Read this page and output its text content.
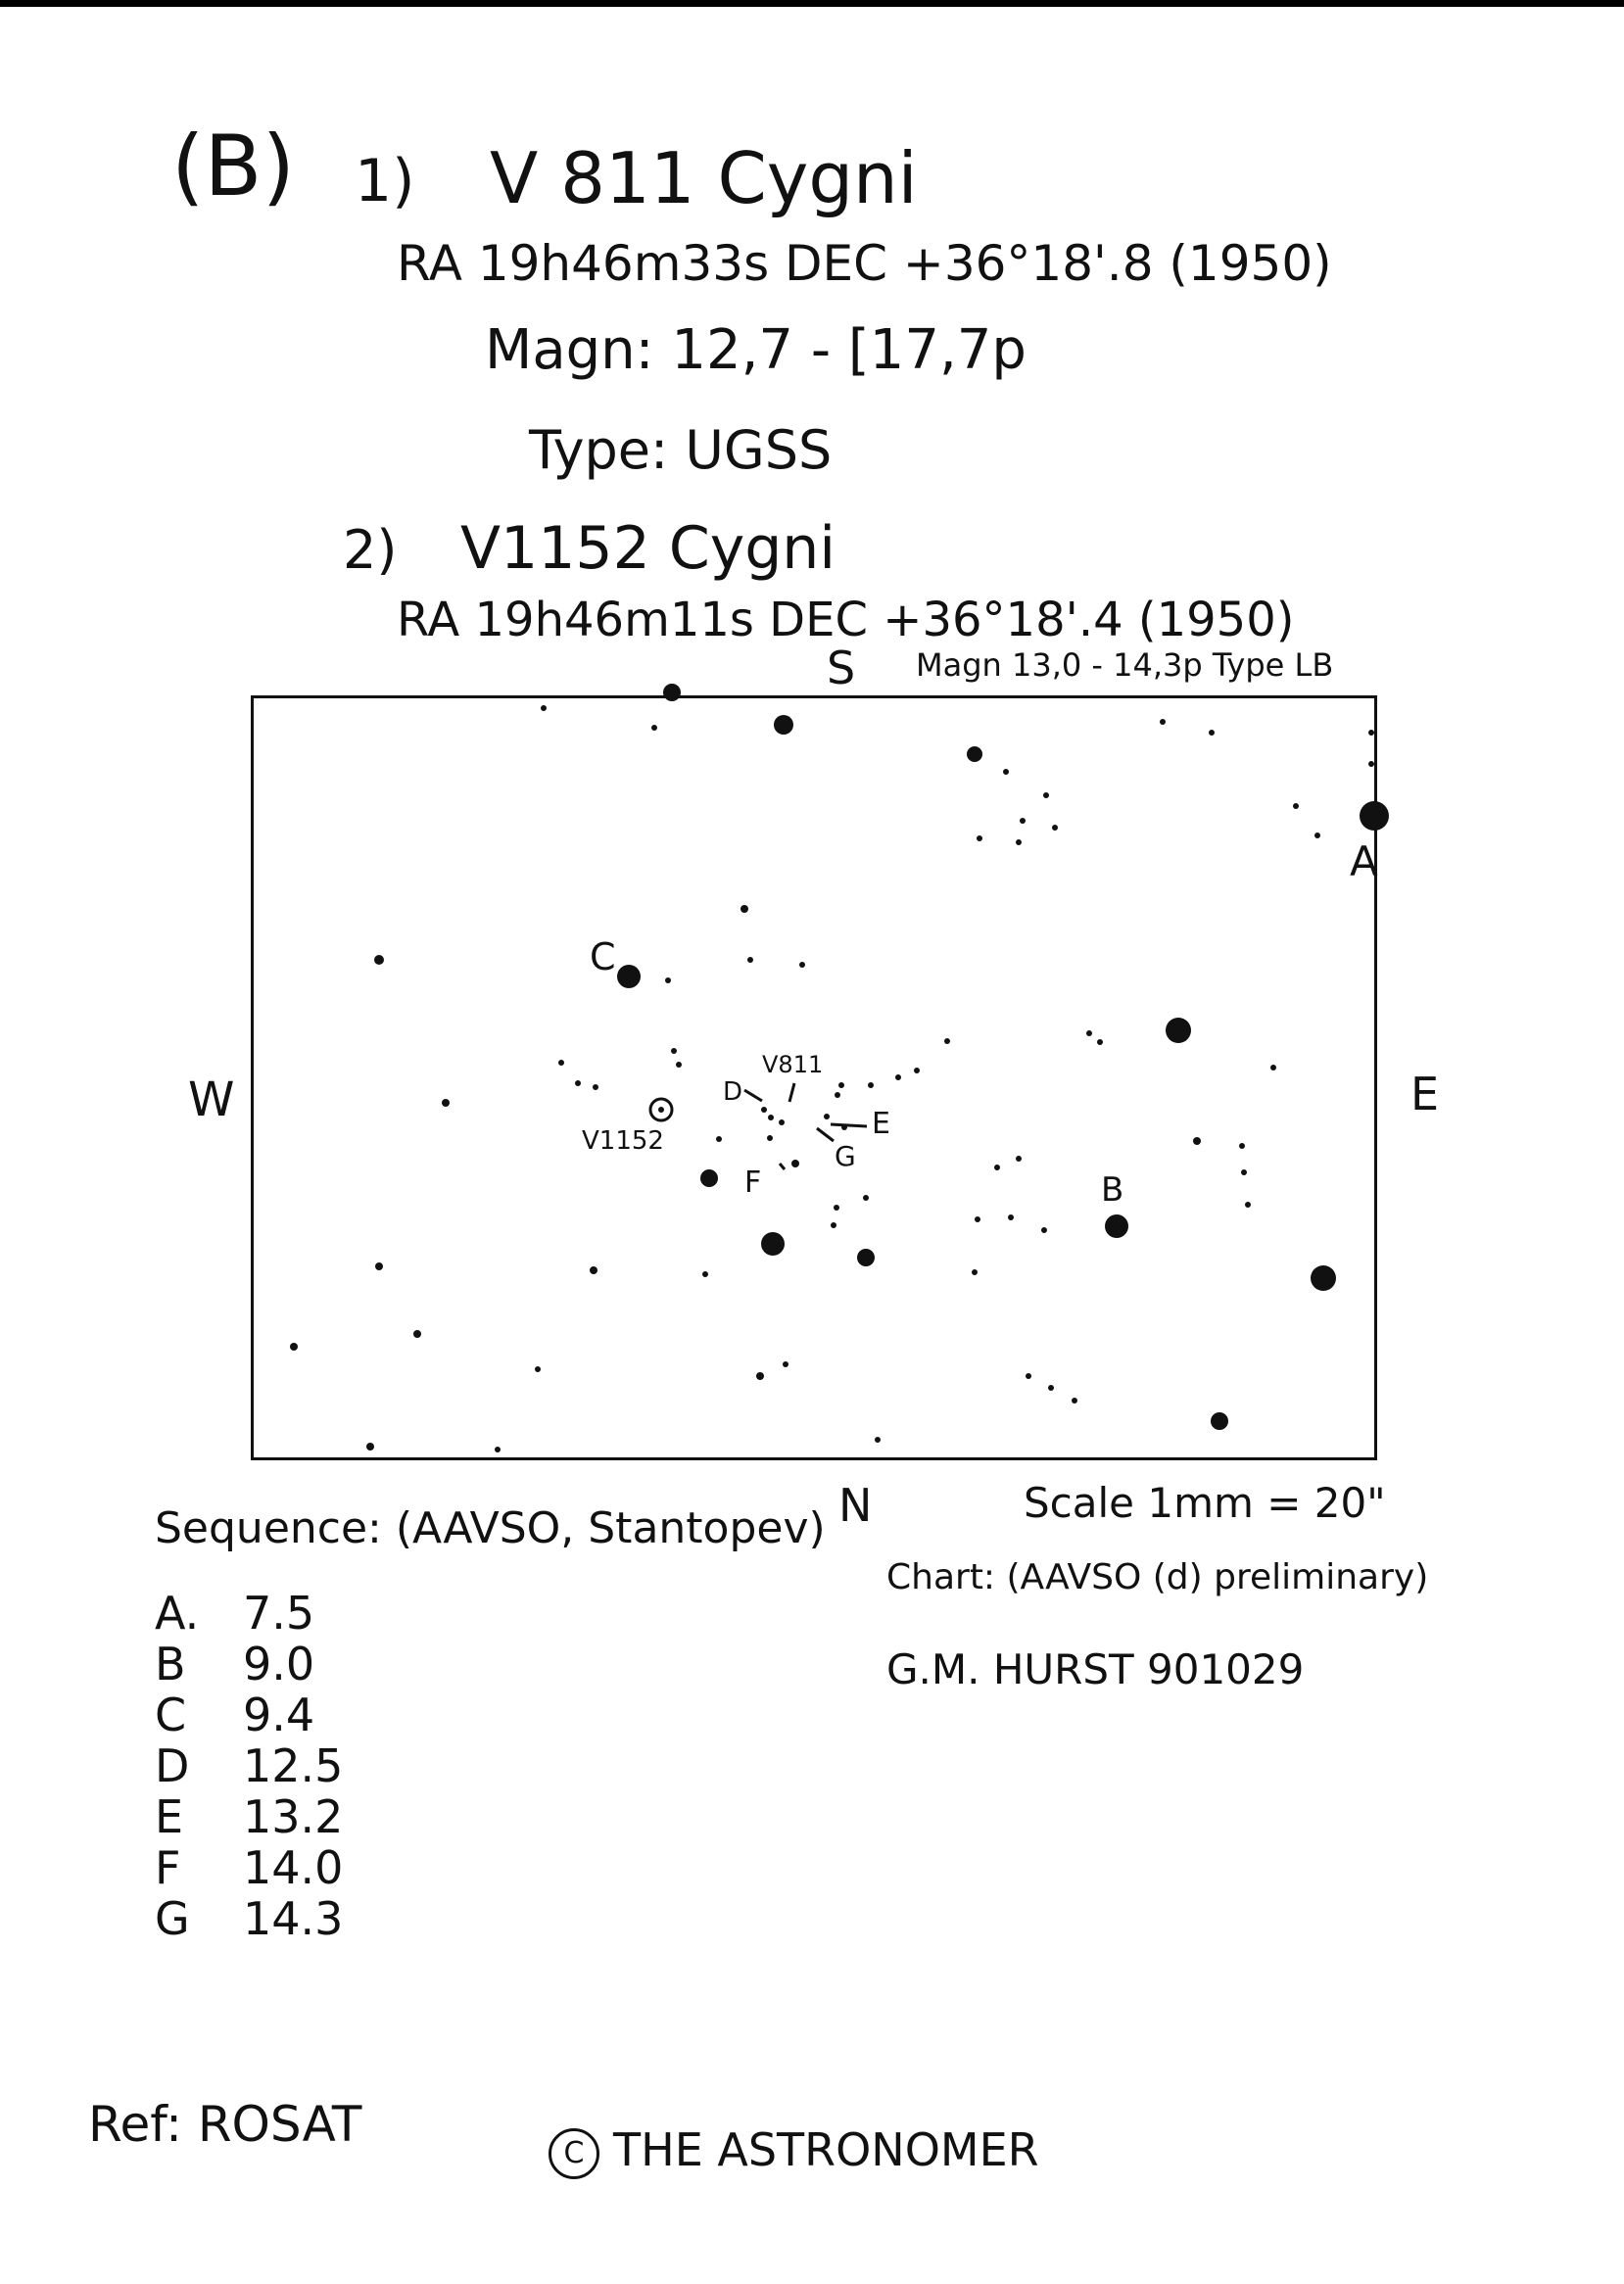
(B) 1) V 811 Cygni
RA 19h46m33s DEC +36°18'.8 (1950)
Magn: 12,7 - [17,7p
Type: UGSS
2) V1152 Cygni
RA 19h46m11s DEC +36°18'.4 (1950)
Magn 13,0 - 14,3p Type LB
S
N
W	E
Scale 1mm = 20"
A
B
C
D
E
F
G
V811
V1152
Sequence: (AAVSO, Stantopev)
A. 7.5
B 9.0
C 9.4
D 12.5
E 13.2
F 14.0
G 14.3
Chart: (AAVSO (d) preliminary)
G.M. HURST 901029
Ref: ROSAT	C THE ASTRONOMER
